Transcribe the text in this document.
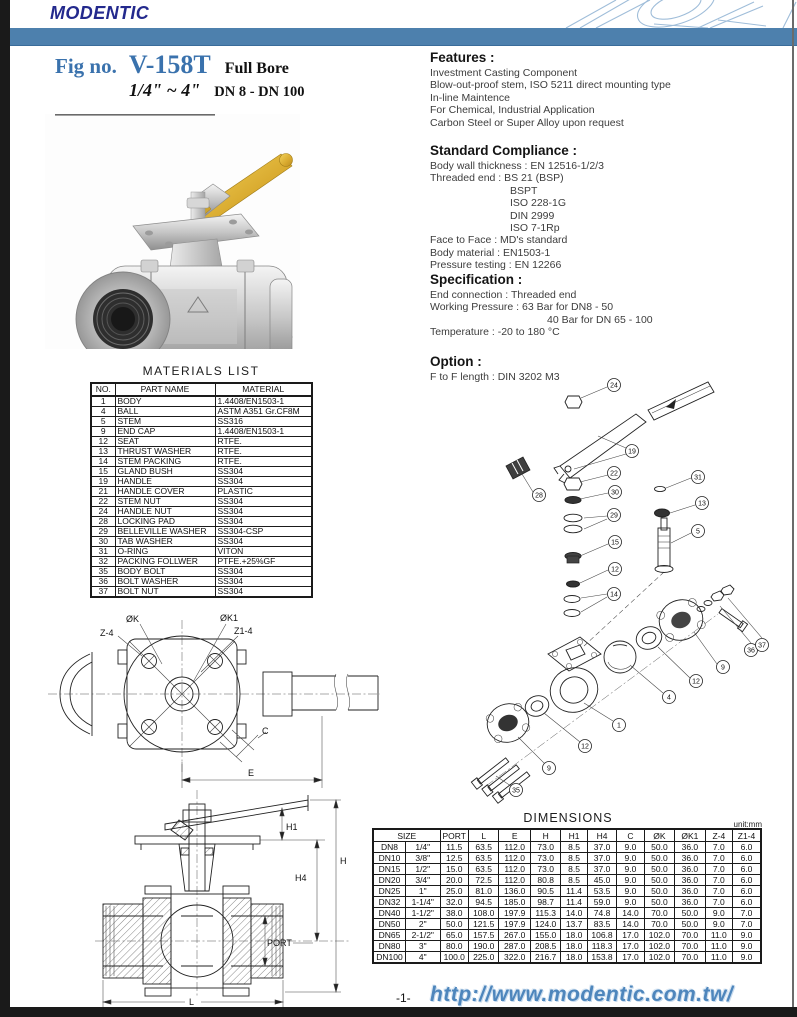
MODENTIC
Fig no. V-158T Full Bore
1/4" ~ 4" DN 8 - DN 100
Features :
Investment Casting Component
Blow-out-proof stem, ISO 5211 direct mounting type
In-line Maintence
For Chemical, Industrial Application
Carbon Steel or Super Alloy upon request
Standard Compliance :
Body wall thickness : EN 12516-1/2/3
Threaded end : BS 21 (BSP)
BSPT
ISO 228-1G
DIN 2999
ISO 7-1Rp
Face to Face : MD's standard
Body material : EN1503-1
Pressure testing : EN 12266
Specification :
End connection : Threaded end
Working Pressure : 63 Bar for DN8 - 50
40 Bar for DN 65 - 100
Temperature : -20 to 180 °C
Option :
F to F length : DIN 3202 M3
MATERIALS LIST
NO.	PART NAME	MATERIAL
1	BODY	1.4408/EN1503-1
4	BALL	ASTM A351 Gr.CF8M
5	STEM	SS316
9	END CAP	1.4408/EN1503-1
12	SEAT	RTFE.
13	THRUST WASHER	RTFE.
14	STEM PACKING	RTFE.
15	GLAND BUSH	SS304
19	HANDLE	SS304
21	HANDLE COVER	PLASTIC
22	STEM NUT	SS304
24	HANDLE NUT	SS304
28	LOCKING PAD	SS304
29	BELLEVILLE WASHER	SS304-CSP
30	TAB WASHER	SS304
31	O-RING	VITON
32	PACKING FOLLWER	PTFE.+25%GF
35	BODY BOLT	SS304
36	BOLT WASHER	SS304
37	BOLT NUT	SS304
ØK	ØK1
Z-4	Z1-4
C
E
H1
H
H4
PORT
L
24
19
28
22
30
29
15
12
14
31
13
5
4
1
12
9
36
37
12
9
35
DIMENSIONS	unit:mm
SIZE		PORT	L	E	H	H1	H4	C	ØK	ØK1	Z-4	Z1-4
DN8	1/4"	11.5	63.5	112.0	73.0	8.5	37.0	9.0	50.0	36.0	7.0	6.0
DN10	3/8"	12.5	63.5	112.0	73.0	8.5	37.0	9.0	50.0	36.0	7.0	6.0
DN15	1/2"	15.0	63.5	112.0	73.0	8.5	37.0	9.0	50.0	36.0	7.0	6.0
DN20	3/4"	20.0	72.5	112.0	80.8	8.5	45.0	9.0	50.0	36.0	7.0	6.0
DN25	1"	25.0	81.0	136.0	90.5	11.4	53.5	9.0	50.0	36.0	7.0	6.0
DN32	1-1/4"	32.0	94.5	185.0	98.7	11.4	59.0	9.0	50.0	36.0	7.0	6.0
DN40	1-1/2"	38.0	108.0	197.9	115.3	14.0	74.8	14.0	70.0	50.0	9.0	7.0
DN50	2"	50.0	121.5	197.9	124.0	13.7	83.5	14.0	70.0	50.0	9.0	7.0
DN65	2-1/2"	65.0	157.5	267.0	155.0	18.0	106.8	17.0	102.0	70.0	11.0	9.0
DN80	3"	80.0	190.0	287.0	208.5	18.0	118.3	17.0	102.0	70.0	11.0	9.0
DN100	4"	100.0	225.0	322.0	216.7	18.0	153.8	17.0	102.0	70.0	11.0	9.0
-1- http://www.modentic.com.tw/
